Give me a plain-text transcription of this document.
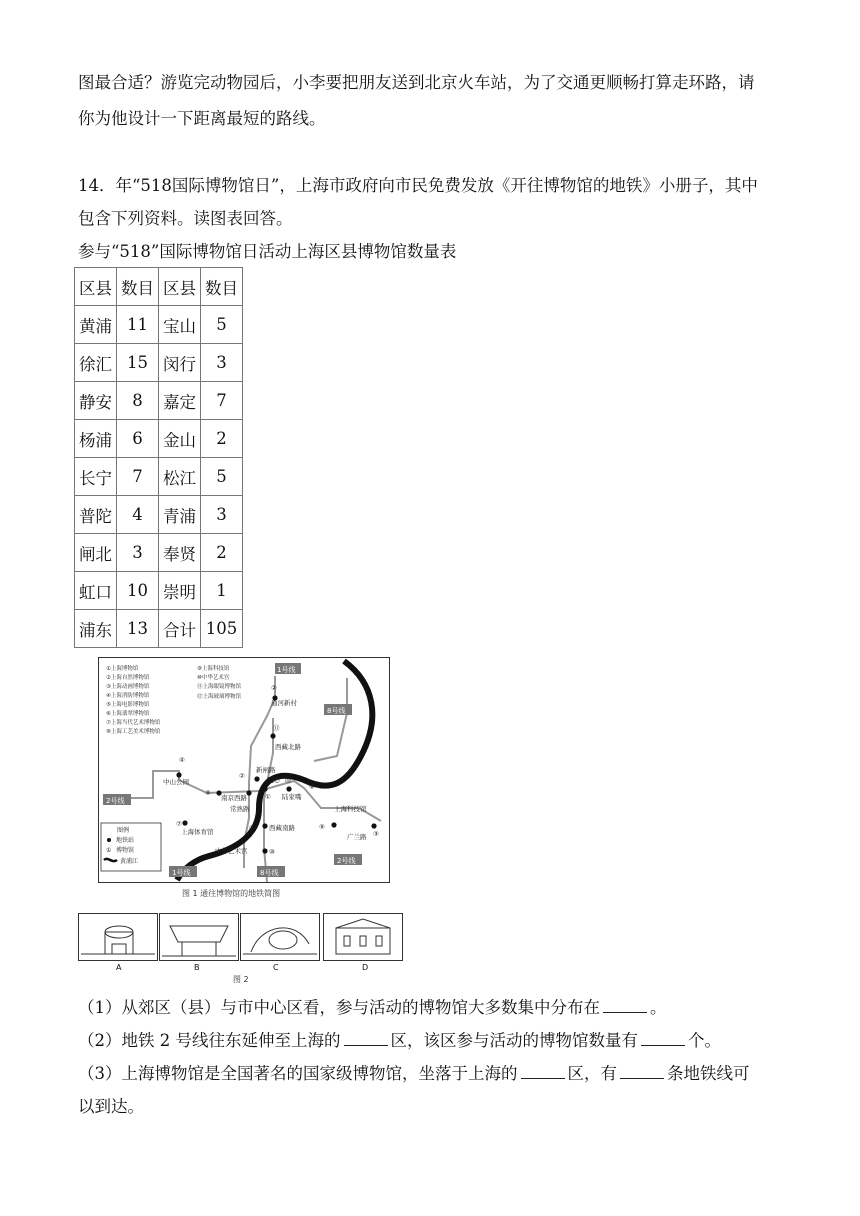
图最合适？游览完动物园后，小李要把朋友送到北京火车站，为了交通更顺畅打算走环路，请
你为他设计一下距离最短的路线。
14．年“518国际博物馆日”，上海市政府向市民免费发放《开往博物馆的地铁》小册子，其中
包含下列资料。读图表回答。
参与“518”国际博物馆日活动上海区县博物馆数量表
区县	数目	区县	数目
黄浦	11	宝山	5
徐汇	15	闵行	3
静安	8	嘉定	7
杨浦	6	金山	2
长宁	7	松江	5
普陀	4	青浦	3
闸北	3	奉贤	2
虹口	10	崇明	1
浦东	13	合计	105
1号线
8号线
2号线
1号线	8号线
2号线
①上海博物馆
②上海自然博物馆
③上海动画博物馆
④上海消防博物馆
⑤上海电影博物馆
⑥上海翡翠博物馆
⑦上海当代艺术博物馆
⑧上海工艺美术博物馆
⑨上海科技馆
⑩中华艺术宫
⑪上海眼镜博物馆
⑫上海玻璃博物馆
②
通河新村
⑪
西藏北路
④
中山公园
新闸路
②	人民广场
⑧
南京西路
常熟路
① 陆家嘴
⑥
上海科技馆
⑨
⑦
上海体育馆	⑦ 西藏南路
中华艺术宫	⑩
广兰路 ③
图例
地铁站
① 博物馆
黄浦江
图 1 通往博物馆的地铁简图
A	B	C	D
图 2
（1）从郊区（县）与市中心区看，参与活动的博物馆大多数集中分布在	。
（2）地铁 2 号线往东延伸至上海的	区，该区参与活动的博物馆数量有	个。
（3）上海博物馆是全国著名的国家级博物馆，坐落于上海的	区，有	条地铁线可
以到达。
